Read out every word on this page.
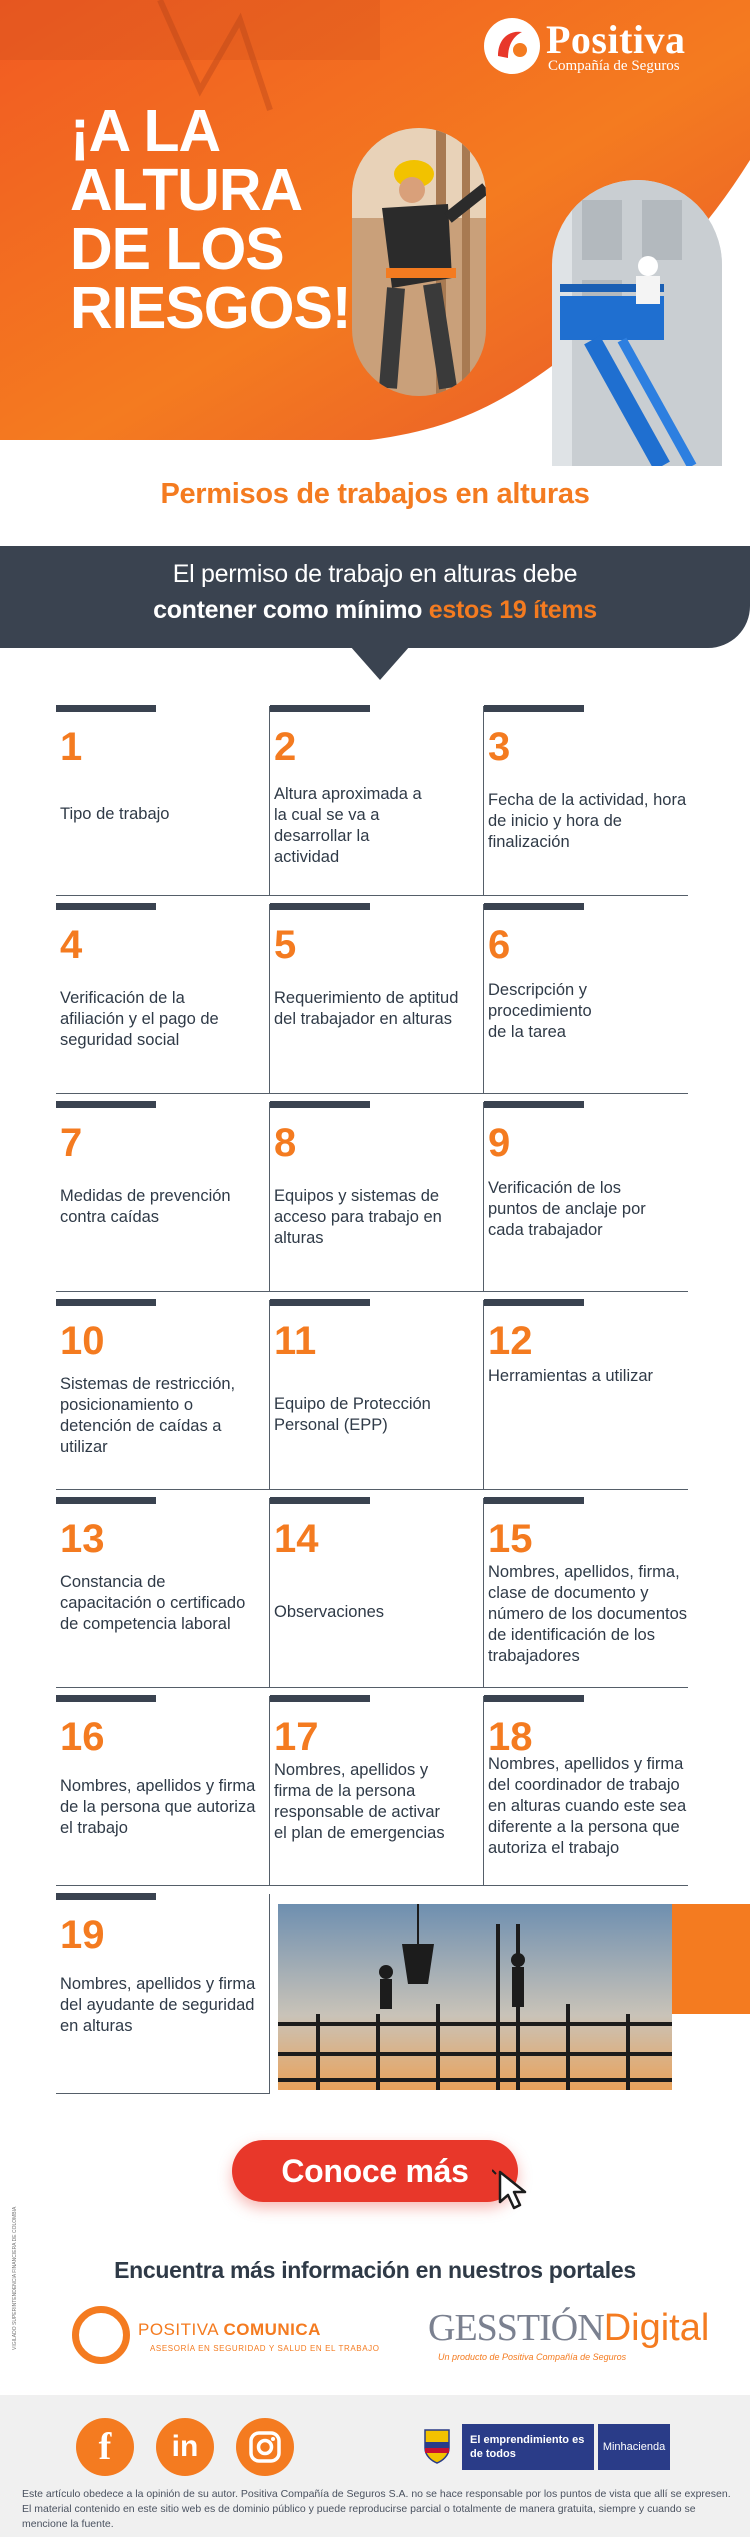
Positiva
Compañía de Seguros
¡A LA
ALTURA
DE LOS
RIESGOS!
Permisos de trabajos en alturas
El permiso de trabajo en alturas debe
contener como mínimo estos 19 ítems
1
Tipo de trabajo
2
Altura aproximada a la cual se va a desarrollar la actividad
3
Fecha de la actividad, hora de inicio y hora de finalización
4
Verificación de la afiliación y el pago de seguridad social
5
Requerimiento de aptitud del trabajador en alturas
6
Descripción y procedimiento de la tarea
7
Medidas de prevención contra caídas
8
Equipos y sistemas de acceso para trabajo en alturas
9
Verificación de los puntos de anclaje por cada trabajador
10
Sistemas de restricción, posicionamiento o detención de caídas a utilizar
11
Equipo de Protección Personal (EPP)
12
Herramientas a utilizar
13
Constancia de capacitación o certificado de competencia laboral
14
Observaciones
15
Nombres, apellidos, firma, clase de documento y número de los documentos de identificación de los trabajadores
16
Nombres, apellidos y firma de la persona que autoriza el trabajo
17
Nombres, apellidos y firma de la persona responsable de activar el plan de emergencias
18
Nombres, apellidos y firma del coordinador de trabajo en alturas cuando este sea diferente a la persona que autoriza el trabajo
19
Nombres, apellidos y firma del ayudante de seguridad en alturas
Conoce más
Encuentra más información en nuestros portales
VIGILADO SUPERINTENDENCIA FINANCIERA DE COLOMBIA	POSITIVA COMUNICA
ASESORÍA EN SEGURIDAD Y SALUD EN EL TRABAJO GESSTIÓNDigital
Un producto de Positiva Compañía de Seguros
f	in	El emprendimiento es de todos
Minhacienda
Este artículo obedece a la opinión de su autor. Positiva Compañía de Seguros S.A. no se hace responsable por los puntos de vista que allí se expresen. El material contenido en este sitio web es de dominio público y puede reproducirse parcial o totalmente de manera gratuita, siempre y cuando se mencione la fuente.
